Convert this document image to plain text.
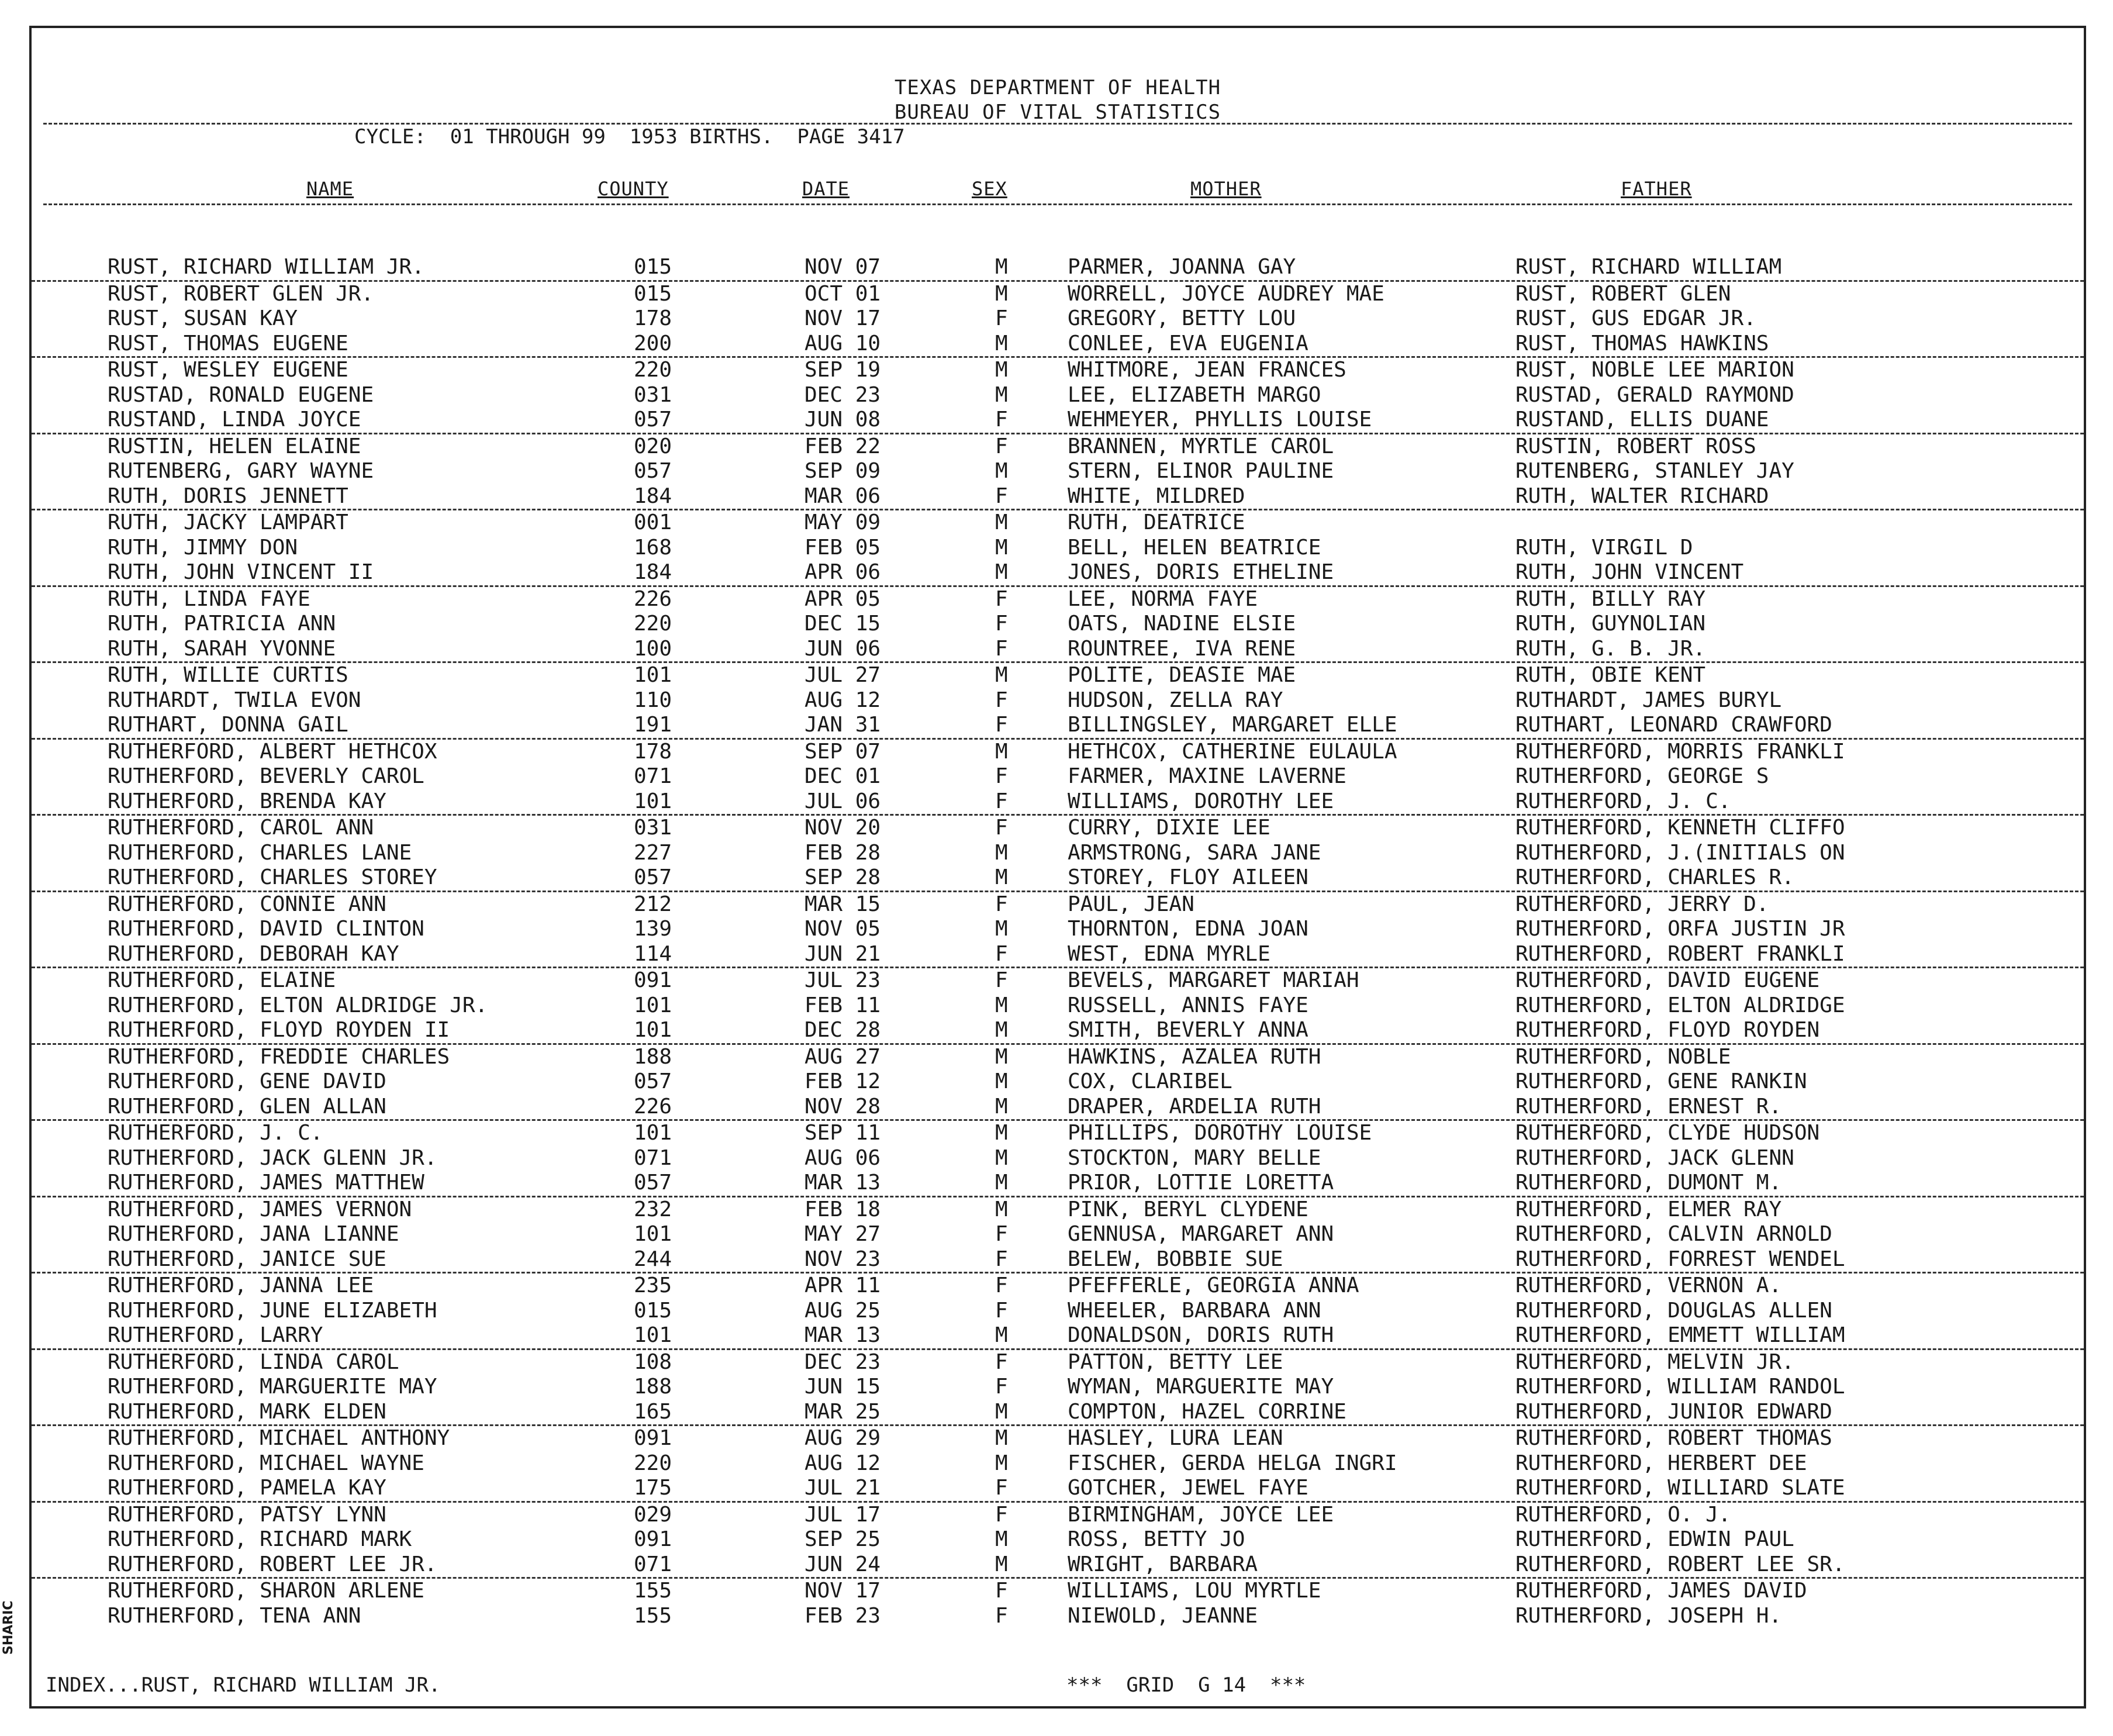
TEXAS DEPARTMENT OF HEALTH
BUREAU OF VITAL STATISTICS
CYCLE:  01 THROUGH 99  1953 BIRTHS.  PAGE 3417
NAME	COUNTY	DATE	SEX	MOTHER	FATHER
RUST, RICHARD WILLIAM JR.	015	NOV 07	M	PARMER, JOANNA GAY	RUST, RICHARD WILLIAM
RUST, ROBERT GLEN JR.	015	OCT 01	M	WORRELL, JOYCE AUDREY MAE	RUST, ROBERT GLEN
RUST, SUSAN KAY	178	NOV 17	F	GREGORY, BETTY LOU	RUST, GUS EDGAR JR.
RUST, THOMAS EUGENE	200	AUG 10	M	CONLEE, EVA EUGENIA	RUST, THOMAS HAWKINS
RUST, WESLEY EUGENE	220	SEP 19	M	WHITMORE, JEAN FRANCES	RUST, NOBLE LEE MARION
RUSTAD, RONALD EUGENE	031	DEC 23	M	LEE, ELIZABETH MARGO	RUSTAD, GERALD RAYMOND
RUSTAND, LINDA JOYCE	057	JUN 08	F	WEHMEYER, PHYLLIS LOUISE	RUSTAND, ELLIS DUANE
RUSTIN, HELEN ELAINE	020	FEB 22	F	BRANNEN, MYRTLE CAROL	RUSTIN, ROBERT ROSS
RUTENBERG, GARY WAYNE	057	SEP 09	M	STERN, ELINOR PAULINE	RUTENBERG, STANLEY JAY
RUTH, DORIS JENNETT	184	MAR 06	F	WHITE, MILDRED	RUTH, WALTER RICHARD
RUTH, JACKY LAMPART	001	MAY 09	M	RUTH, DEATRICE
RUTH, JIMMY DON	168	FEB 05	M	BELL, HELEN BEATRICE	RUTH, VIRGIL D
RUTH, JOHN VINCENT II	184	APR 06	M	JONES, DORIS ETHELINE	RUTH, JOHN VINCENT
RUTH, LINDA FAYE	226	APR 05	F	LEE, NORMA FAYE	RUTH, BILLY RAY
RUTH, PATRICIA ANN	220	DEC 15	F	OATS, NADINE ELSIE	RUTH, GUYNOLIAN
RUTH, SARAH YVONNE	100	JUN 06	F	ROUNTREE, IVA RENE	RUTH, G. B. JR.
RUTH, WILLIE CURTIS	101	JUL 27	M	POLITE, DEASIE MAE	RUTH, OBIE KENT
RUTHARDT, TWILA EVON	110	AUG 12	F	HUDSON, ZELLA RAY	RUTHARDT, JAMES BURYL
RUTHART, DONNA GAIL	191	JAN 31	F	BILLINGSLEY, MARGARET ELLE	RUTHART, LEONARD CRAWFORD
RUTHERFORD, ALBERT HETHCOX	178	SEP 07	M	HETHCOX, CATHERINE EULAULA	RUTHERFORD, MORRIS FRANKLI
RUTHERFORD, BEVERLY CAROL	071	DEC 01	F	FARMER, MAXINE LAVERNE	RUTHERFORD, GEORGE S
RUTHERFORD, BRENDA KAY	101	JUL 06	F	WILLIAMS, DOROTHY LEE	RUTHERFORD, J. C.
RUTHERFORD, CAROL ANN	031	NOV 20	F	CURRY, DIXIE LEE	RUTHERFORD, KENNETH CLIFFO
RUTHERFORD, CHARLES LANE	227	FEB 28	M	ARMSTRONG, SARA JANE	RUTHERFORD, J.(INITIALS ON
RUTHERFORD, CHARLES STOREY	057	SEP 28	M	STOREY, FLOY AILEEN	RUTHERFORD, CHARLES R.
RUTHERFORD, CONNIE ANN	212	MAR 15	F	PAUL, JEAN	RUTHERFORD, JERRY D.
RUTHERFORD, DAVID CLINTON	139	NOV 05	M	THORNTON, EDNA JOAN	RUTHERFORD, ORFA JUSTIN JR
RUTHERFORD, DEBORAH KAY	114	JUN 21	F	WEST, EDNA MYRLE	RUTHERFORD, ROBERT FRANKLI
RUTHERFORD, ELAINE	091	JUL 23	F	BEVELS, MARGARET MARIAH	RUTHERFORD, DAVID EUGENE
RUTHERFORD, ELTON ALDRIDGE JR.	101	FEB 11	M	RUSSELL, ANNIS FAYE	RUTHERFORD, ELTON ALDRIDGE
RUTHERFORD, FLOYD ROYDEN II	101	DEC 28	M	SMITH, BEVERLY ANNA	RUTHERFORD, FLOYD ROYDEN
RUTHERFORD, FREDDIE CHARLES	188	AUG 27	M	HAWKINS, AZALEA RUTH	RUTHERFORD, NOBLE
RUTHERFORD, GENE DAVID	057	FEB 12	M	COX, CLARIBEL	RUTHERFORD, GENE RANKIN
RUTHERFORD, GLEN ALLAN	226	NOV 28	M	DRAPER, ARDELIA RUTH	RUTHERFORD, ERNEST R.
RUTHERFORD, J. C.	101	SEP 11	M	PHILLIPS, DOROTHY LOUISE	RUTHERFORD, CLYDE HUDSON
RUTHERFORD, JACK GLENN JR.	071	AUG 06	M	STOCKTON, MARY BELLE	RUTHERFORD, JACK GLENN
RUTHERFORD, JAMES MATTHEW	057	MAR 13	M	PRIOR, LOTTIE LORETTA	RUTHERFORD, DUMONT M.
RUTHERFORD, JAMES VERNON	232	FEB 18	M	PINK, BERYL CLYDENE	RUTHERFORD, ELMER RAY
RUTHERFORD, JANA LIANNE	101	MAY 27	F	GENNUSA, MARGARET ANN	RUTHERFORD, CALVIN ARNOLD
RUTHERFORD, JANICE SUE	244	NOV 23	F	BELEW, BOBBIE SUE	RUTHERFORD, FORREST WENDEL
RUTHERFORD, JANNA LEE	235	APR 11	F	PFEFFERLE, GEORGIA ANNA	RUTHERFORD, VERNON A.
RUTHERFORD, JUNE ELIZABETH	015	AUG 25	F	WHEELER, BARBARA ANN	RUTHERFORD, DOUGLAS ALLEN
RUTHERFORD, LARRY	101	MAR 13	M	DONALDSON, DORIS RUTH	RUTHERFORD, EMMETT WILLIAM
RUTHERFORD, LINDA CAROL	108	DEC 23	F	PATTON, BETTY LEE	RUTHERFORD, MELVIN JR.
RUTHERFORD, MARGUERITE MAY	188	JUN 15	F	WYMAN, MARGUERITE MAY	RUTHERFORD, WILLIAM RANDOL
RUTHERFORD, MARK ELDEN	165	MAR 25	M	COMPTON, HAZEL CORRINE	RUTHERFORD, JUNIOR EDWARD
RUTHERFORD, MICHAEL ANTHONY	091	AUG 29	M	HASLEY, LURA LEAN	RUTHERFORD, ROBERT THOMAS
RUTHERFORD, MICHAEL WAYNE	220	AUG 12	M	FISCHER, GERDA HELGA INGRI	RUTHERFORD, HERBERT DEE
RUTHERFORD, PAMELA KAY	175	JUL 21	F	GOTCHER, JEWEL FAYE	RUTHERFORD, WILLIARD SLATE
RUTHERFORD, PATSY LYNN	029	JUL 17	F	BIRMINGHAM, JOYCE LEE	RUTHERFORD, O. J.
RUTHERFORD, RICHARD MARK	091	SEP 25	M	ROSS, BETTY JO	RUTHERFORD, EDWIN PAUL
RUTHERFORD, ROBERT LEE JR.	071	JUN 24	M	WRIGHT, BARBARA	RUTHERFORD, ROBERT LEE SR.
RUTHERFORD, SHARON ARLENE	155	NOV 17	F	WILLIAMS, LOU MYRTLE	RUTHERFORD, JAMES DAVID
RUTHERFORD, TENA ANN	155	FEB 23	F	NIEWOLD, JEANNE	RUTHERFORD, JOSEPH H.
INDEX...RUST, RICHARD WILLIAM JR.	***  GRID  G 14  ***
SHARIC
